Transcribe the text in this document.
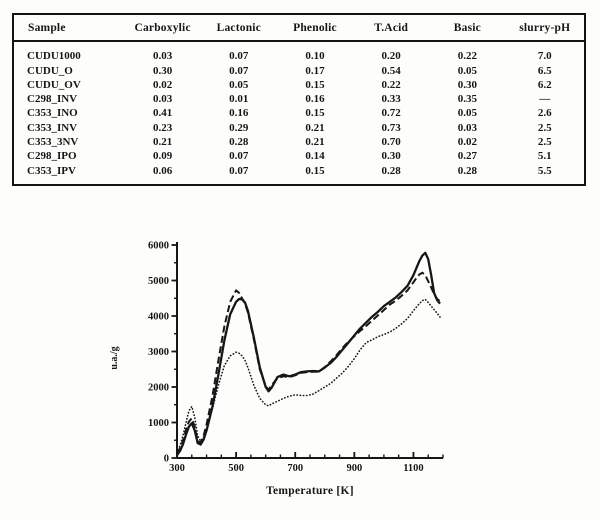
Sample	Carboxylic	Lactonic	Phenolic	T.Acid	Basic	slurry-pH
CUDU1000	0.03	0.07	0.10	0.20	0.22	7.0
CUDU_O	0.30	0.07	0.17	0.54	0.05	6.5
CUDU_OV	0.02	0.05	0.15	0.22	0.30	6.2
C298_INV	0.03	0.01	0.16	0.33	0.35	—
C353_INO	0.41	0.16	0.15	0.72	0.05	2.6
C353_INV	0.23	0.29	0.21	0.73	0.03	2.5
C353_3NV	0.21	0.28	0.21	0.70	0.02	2.5
C298_IPO	0.09	0.07	0.14	0.30	0.27	5.1
C353_IPV	0.06	0.07	0.15	0.28	0.28	5.5
300	500	700	900	1100
0
1000
2000
3000
4000
5000
6000
u.a./g
Temperature [K]
